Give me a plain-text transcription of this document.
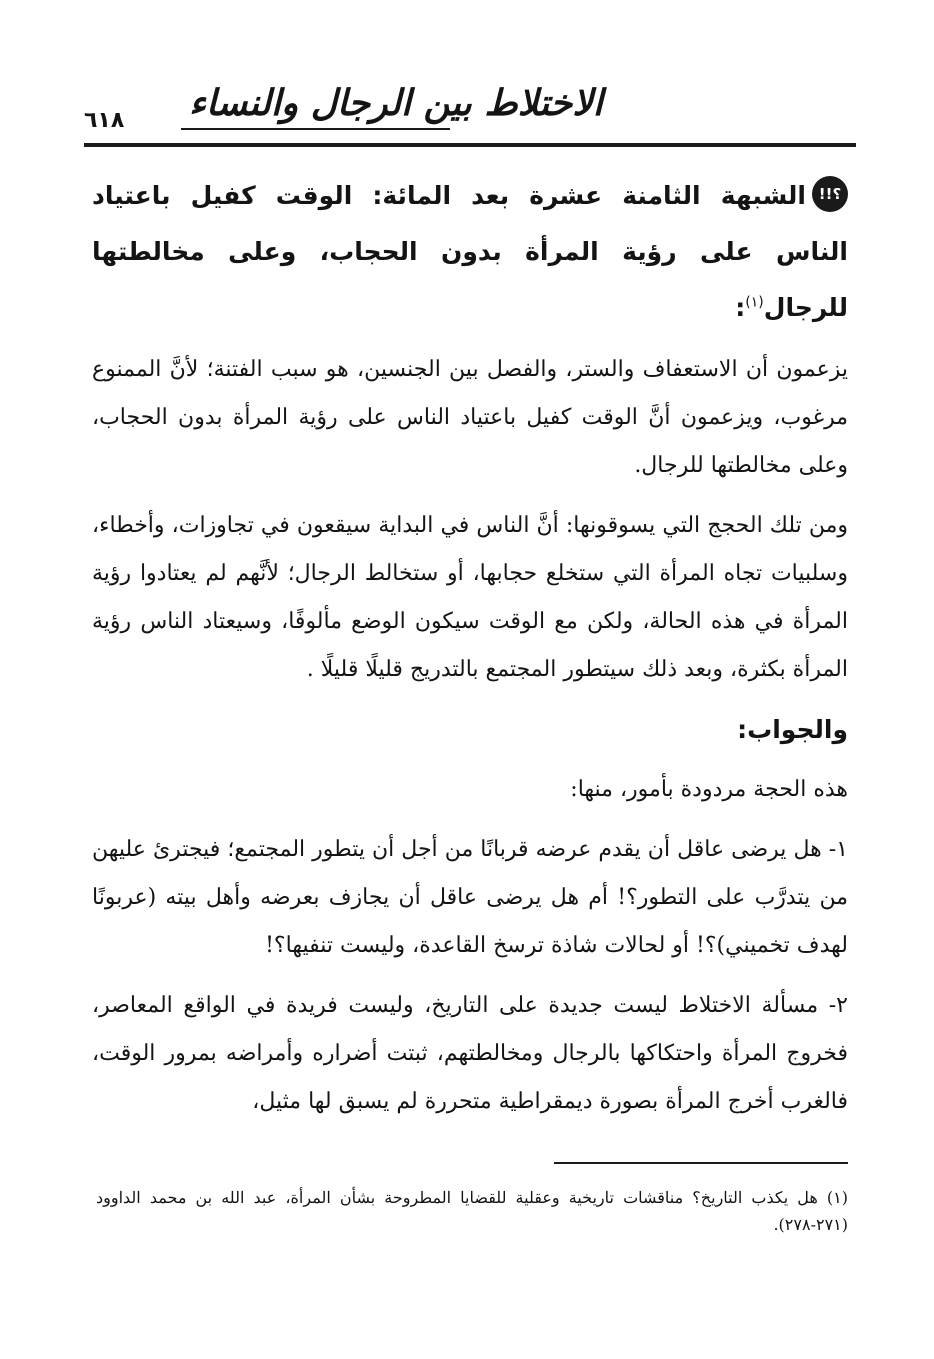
الاختلاط بين الرجال والنساء
٦١٨

!!؟الشبهة الثامنة عشرة بعد المائة: الوقت كفيل باعتياد الناس على رؤية المرأة بدون الحجاب، وعلى مخالطتها للرجال$^{(١)}$:

يزعمون أن الاستعفاف والستر، والفصل بين الجنسين، هو سبب الفتنة؛ لأنَّ الممنوع مرغوب، ويزعمون أنَّ الوقت كفيل باعتياد الناس على رؤية المرأة بدون الحجاب، وعلى مخالطتها للرجال.

ومن تلك الحجج التي يسوقونها: أنَّ الناس في البداية سيقعون في تجاوزات، وأخطاء، وسلبيات تجاه المرأة التي ستخلع حجابها، أو ستخالط الرجال؛ لأنَّهم لم يعتادوا رؤية المرأة في هذه الحالة، ولكن مع الوقت سيكون الوضع مألوفًا، وسيعتاد الناس رؤية المرأة بكثرة، وبعد ذلك سيتطور المجتمع بالتدريج قليلًا قليلًا .

والجواب:

هذه الحجة مردودة بأمور، منها:

١- هل يرضى عاقل أن يقدم عرضه قربانًا من أجل أن يتطور المجتمع؛ فيجترئ عليهن من يتدرَّب على التطور؟! أم هل يرضى عاقل أن يجازف بعرضه وأهل بيته (عربونًا لهدف تخميني)؟! أو لحالات شاذة ترسخ القاعدة، وليست تنفيها؟!

٢- مسألة الاختلاط ليست جديدة على التاريخ، وليست فريدة في الواقع المعاصر، فخروج المرأة واحتكاكها بالرجال ومخالطتهم، ثبتت أضراره وأمراضه بمرور الوقت، فالغرب أخرج المرأة بصورة ديمقراطية متحررة لم يسبق لها مثيل،

(١) هل يكذب التاريخ؟ مناقشات تاريخية وعقلية للقضايا المطروحة بشأن المرأة، عبد الله بن محمد الداوود (٢٧١-٢٧٨).
